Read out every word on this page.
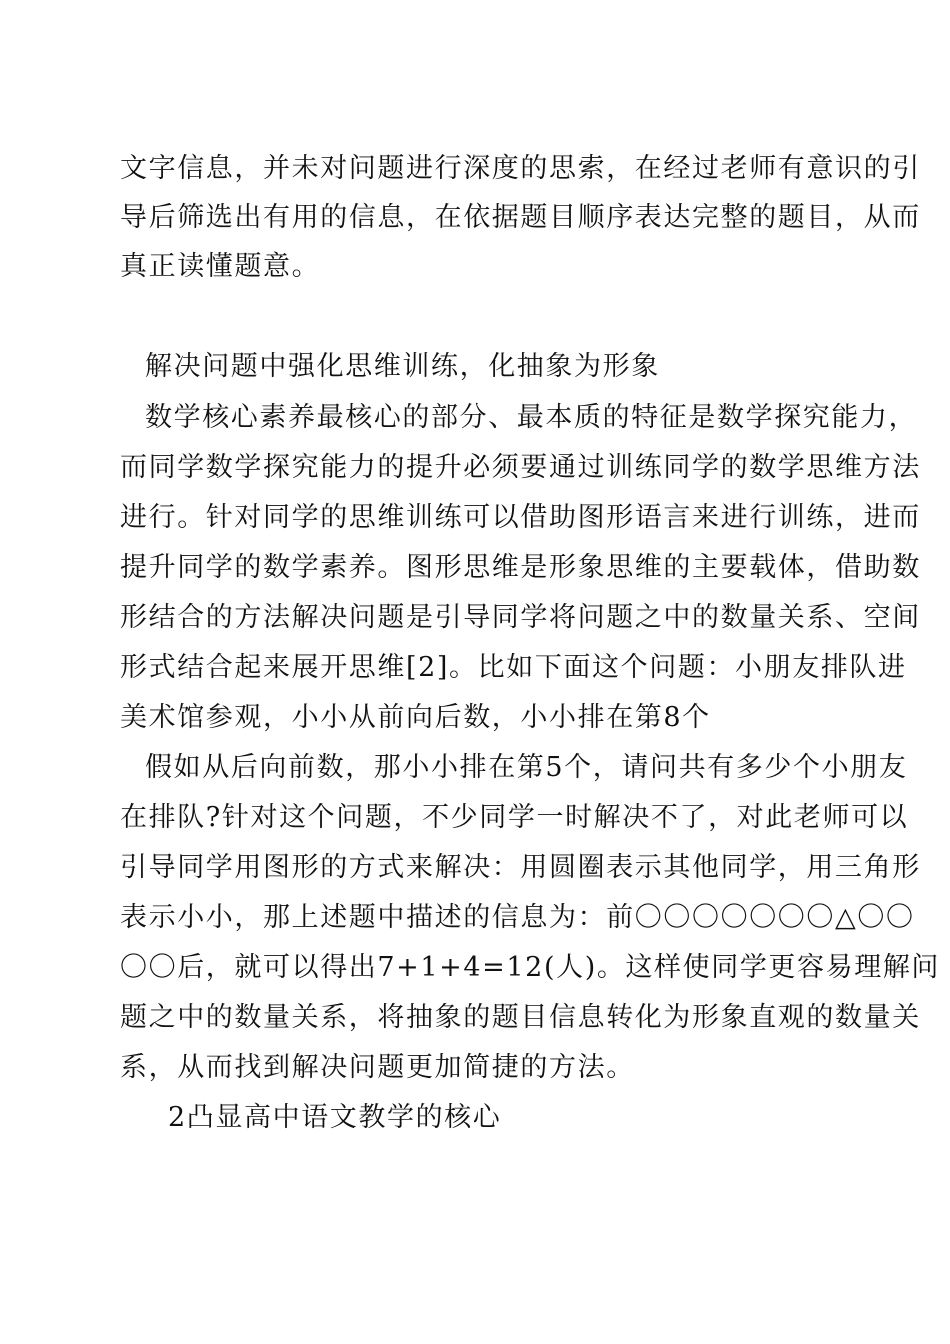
文字信息，并未对问题进行深度的思索，在经过老师有意识的引
导后筛选出有用的信息，在依据题目顺序表达完整的题目，从而
真正读懂题意。
解决问题中强化思维训练，化抽象为形象
数学核心素养最核心的部分、最本质的特征是数学探究能力，
而同学数学探究能力的提升必须要通过训练同学的数学思维方法
进行。针对同学的思维训练可以借助图形语言来进行训练，进而
提升同学的数学素养。图形思维是形象思维的主要载体，借助数
形结合的方法解决问题是引导同学将问题之中的数量关系、空间
形式结合起来展开思维[2]。比如下面这个问题：小朋友排队进
美术馆参观，小小从前向后数，小小排在第8个
假如从后向前数，那小小排在第5个，请问共有多少个小朋友
在排队?针对这个问题，不少同学一时解决不了，对此老师可以
引导同学用图形的方式来解决：用圆圈表示其他同学，用三角形
表示小小，那上述题中描述的信息为：前〇〇〇〇〇〇〇△〇〇
〇〇后，就可以得出7+1+4=12(人)。这样使同学更容易理解问
题之中的数量关系，将抽象的题目信息转化为形象直观的数量关
系，从而找到解决问题更加简捷的方法。
2凸显高中语文教学的核心
